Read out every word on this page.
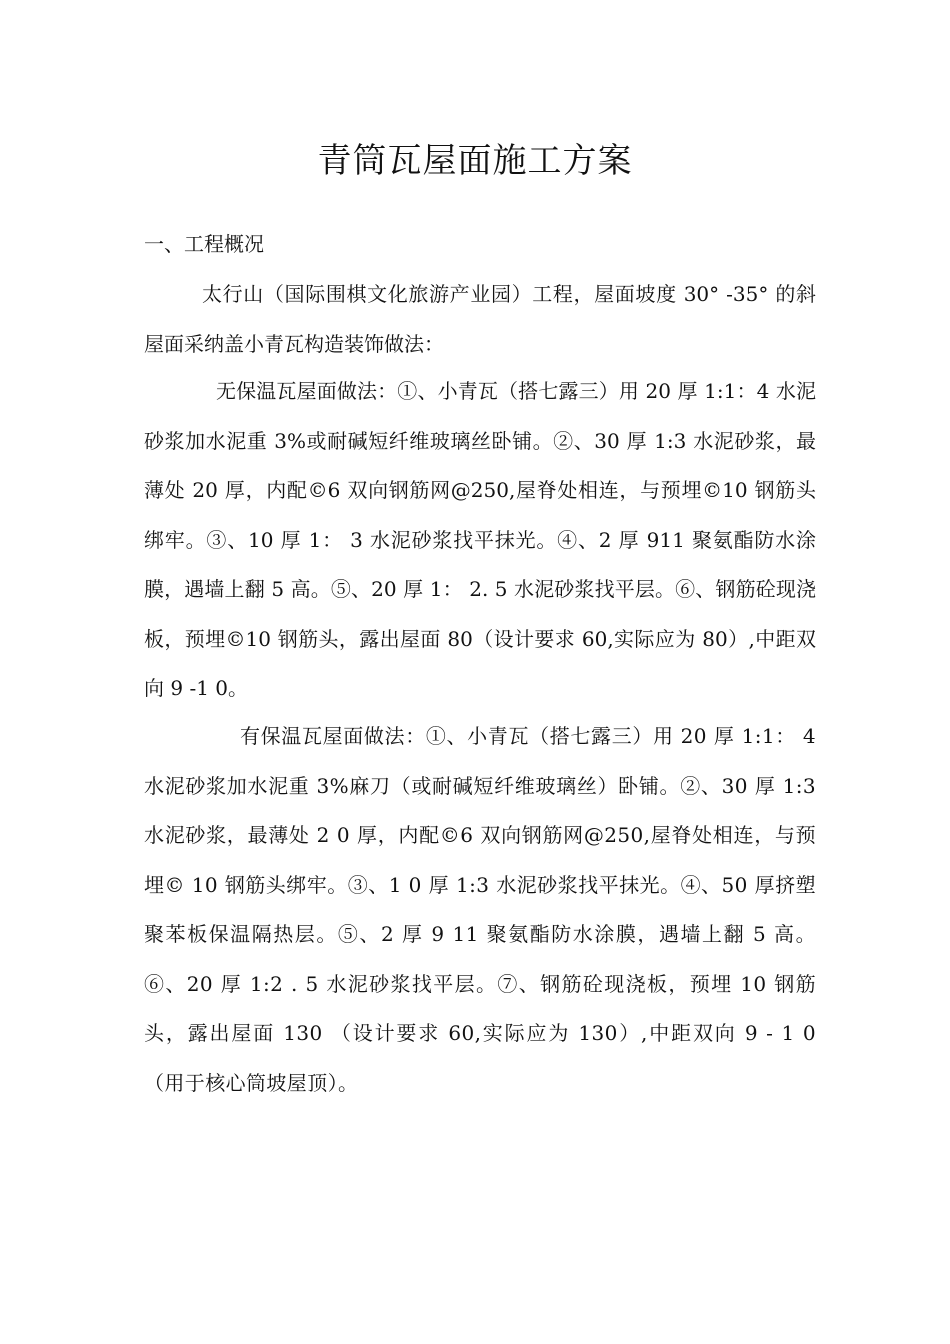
青筒瓦屋面施工方案
一、工程概况

太行山（国际围棋文化旅游产业园）工程，屋面坡度 30° -35° 的斜屋面采纳盖小青瓦构造装饰做法：

无保温瓦屋面做法：①、小青瓦（搭七露三）用 20 厚 1:1：4 水泥砂浆加水泥重 3%或耐碱短纤维玻璃丝卧铺。②、30 厚 1:3 水泥砂浆，最薄处 20 厚，内配©6 双向钢筋网@250,屋脊处相连，与预埋©10 钢筋头绑牢。③、10 厚 1： 3 水泥砂浆找平抹光。④、2 厚 911 聚氨酯防水涂膜，遇墙上翻 5 高。⑤、20 厚 1： 2. 5 水泥砂浆找平层。⑥、钢筋砼现浇板，预埋©10 钢筋头，露出屋面 80（设计要求 60,实际应为 80）,中距双向 9 -1 0。

有保温瓦屋面做法：①、小青瓦（搭七露三）用 20 厚 1:1： 4 水泥砂浆加水泥重 3%麻刀（或耐碱短纤维玻璃丝）卧铺。②、30 厚 1:3 水泥砂浆，最薄处 2 0 厚，内配©6 双向钢筋网@250,屋脊处相连，与预埋© 10 钢筋头绑牢。③、1 0 厚 1:3 水泥砂浆找平抹光。④、50 厚挤塑聚苯板保温隔热层。⑤、2 厚 9 11 聚氨酯防水涂膜，遇墙上翻 5 高。⑥、20 厚 1:2 . 5 水泥砂浆找平层。⑦、钢筋砼现浇板，预埋 10 钢筋头，露出屋面 130 （设计要求 60,实际应为 130）,中距双向 9 - 1 0 （用于核心筒坡屋顶）。
